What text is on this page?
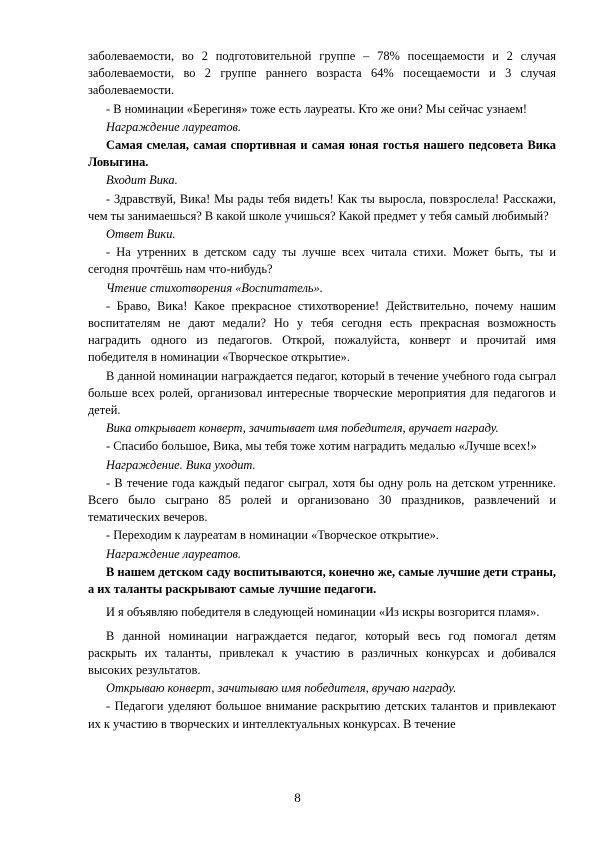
заболеваемости, во 2 подготовительной группе – 78% посещаемости и 2 случая заболеваемости, во 2 группе раннего возраста 64% посещаемости и 3 случая заболеваемости.

- В номинации «Берегиня» тоже есть лауреаты. Кто же они? Мы сейчас узнаем!

Награждение лауреатов.

Самая смелая, самая спортивная и самая юная гостья нашего педсовета Вика Ловыгина.

Входит Вика.

- Здравствуй, Вика! Мы рады тебя видеть! Как ты выросла, повзрослела! Расскажи, чем ты занимаешься? В какой школе учишься? Какой предмет у тебя самый любимый?

Ответ Вики.

- На утренних в детском саду ты лучше всех читала стихи. Может быть, ты и сегодня прочтёшь нам что-нибудь?

Чтение стихотворения «Воспитатель».

- Браво, Вика! Какое прекрасное стихотворение! Действительно, почему нашим воспитателям не дают медали? Но у тебя сегодня есть прекрасная возможность наградить одного из педагогов. Открой, пожалуйста, конверт и прочитай имя победителя в номинации «Творческое открытие».

В данной номинации награждается педагог, который в течение учебного года сыграл больше всех ролей, организовал интересные творческие мероприятия для педагогов и детей.

Вика открывает конверт, зачитывает имя победителя, вручает награду.

- Спасибо большое, Вика, мы тебя тоже хотим наградить медалью «Лучше всех!»

Награждение. Вика уходит.

- В течение года каждый педагог сыграл, хотя бы одну роль на детском утреннике. Всего было сыграно 85 ролей и организовано 30 праздников, развлечений и тематических вечеров.

- Переходим к лауреатам в номинации «Творческое открытие».

Награждение лауреатов.

В нашем детском саду воспитываются, конечно же, самые лучшие дети страны, а их таланты раскрывают самые лучшие педагоги.

И я объявляю победителя в следующей номинации «Из искры возгорится пламя».

В данной номинации награждается педагог, который весь год помогал детям раскрыть их таланты, привлекал к участию в различных конкурсах и добивался высоких результатов.

Открываю конверт, зачитываю имя победителя, вручаю награду.

- Педагоги уделяют большое внимание раскрытию детских талантов и привлекают их к участию в творческих и интеллектуальных конкурсах. В течение

8
